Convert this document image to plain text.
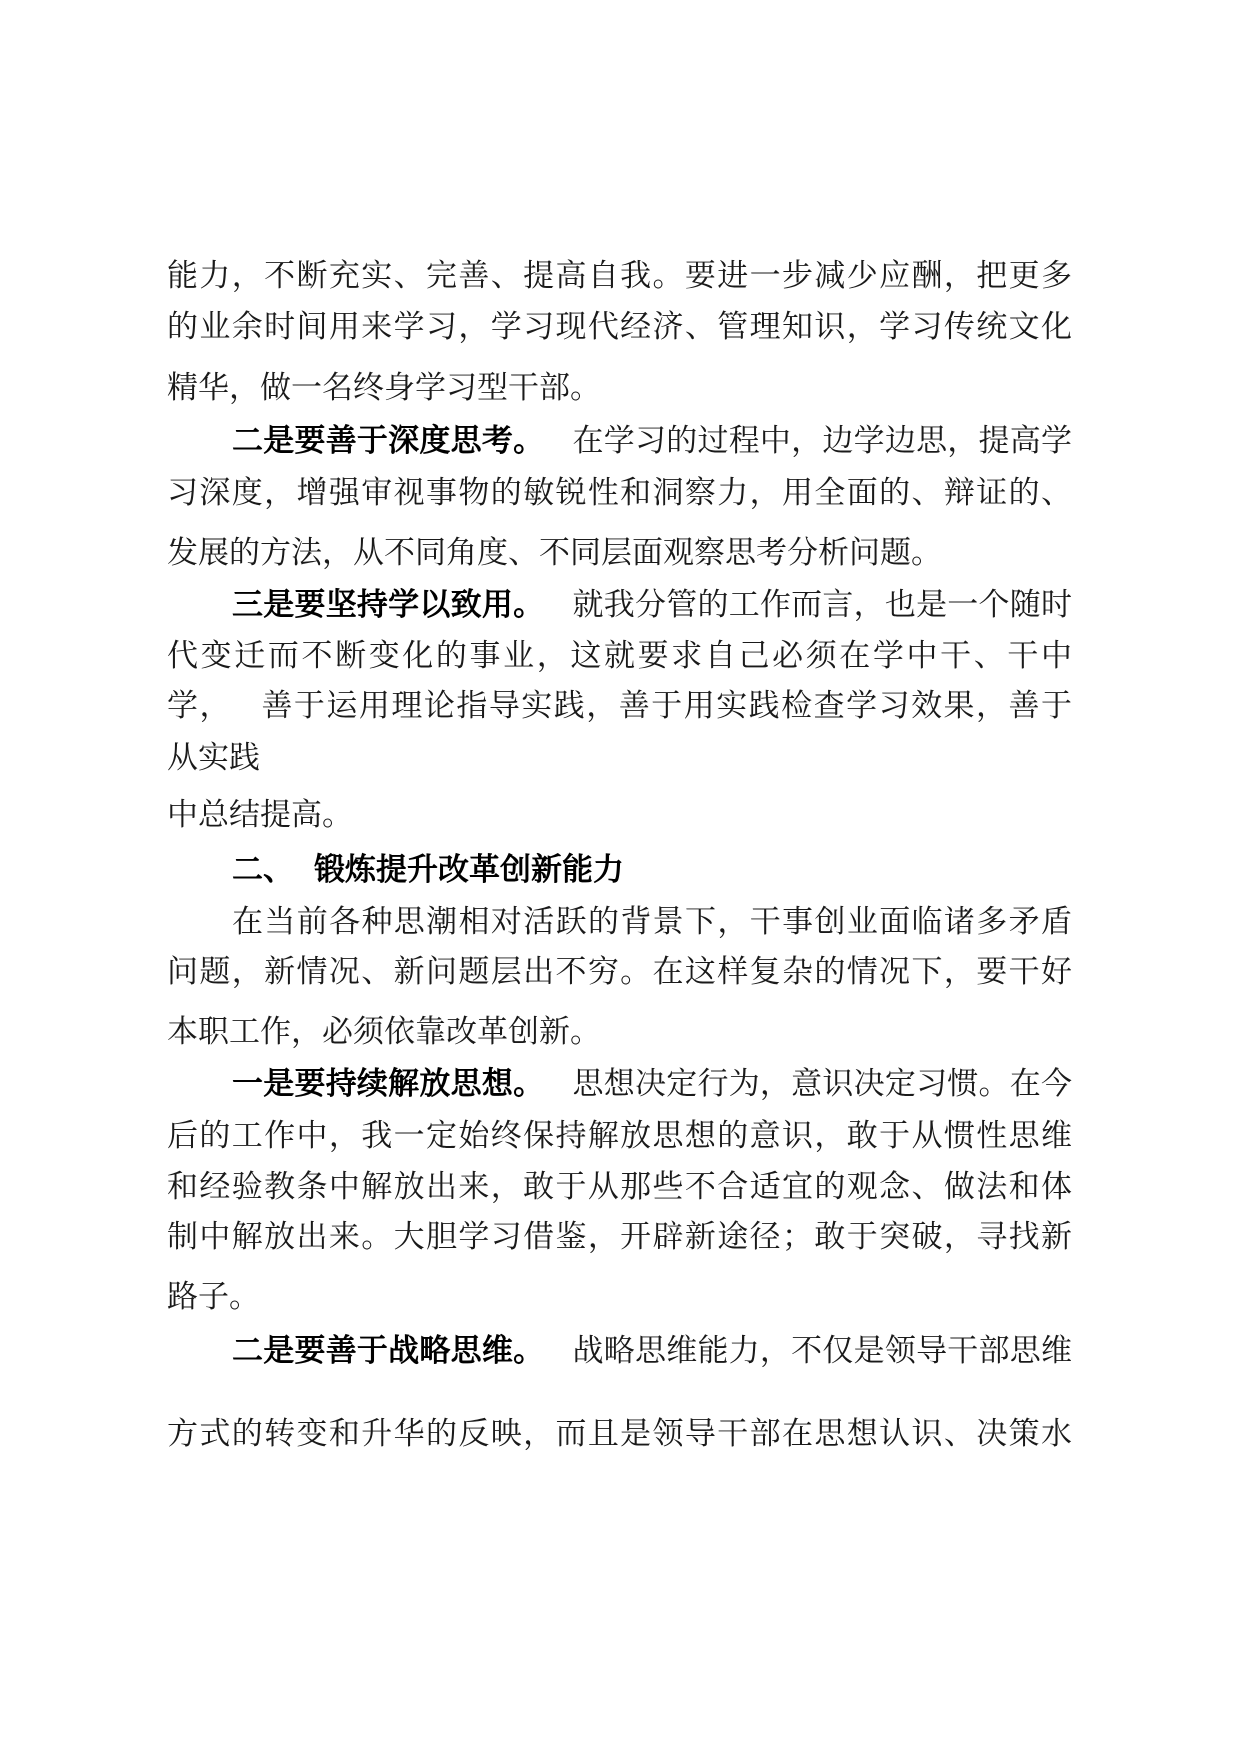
能力，不断充实、完善、提高自我。要进一步减少应酬，把更多

的业余时间用来学习，学习现代经济、管理知识，学习传统文化

精华，做一名终身学习型干部。

二是要善于深度思考。 在学习的过程中，边学边思，提高学

习深度，增强审视事物的敏锐性和洞察力，用全面的、辩证的、

发展的方法，从不同角度、不同层面观察思考分析问题。

三是要坚持学以致用。 就我分管的工作而言，也是一个随时

代变迁而不断变化的事业，这就要求自己必须在学中干、干中

学， 善于运用理论指导实践，善于用实践检查学习效果，善于

从实践

中总结提高。

二、 锻炼提升改革创新能力

在当前各种思潮相对活跃的背景下，干事创业面临诸多矛盾

问题，新情况、新问题层出不穷。在这样复杂的情况下，要干好

本职工作，必须依靠改革创新。

一是要持续解放思想。 思想决定行为，意识决定习惯。在今

后的工作中，我一定始终保持解放思想的意识，敢于从惯性思维

和经验教条中解放出来，敢于从那些不合适宜的观念、做法和体

制中解放出来。大胆学习借鉴，开辟新途径；敢于突破，寻找新

路子。

二是要善于战略思维。 战略思维能力，不仅是领导干部思维

方式的转变和升华的反映，而且是领导干部在思想认识、决策水
